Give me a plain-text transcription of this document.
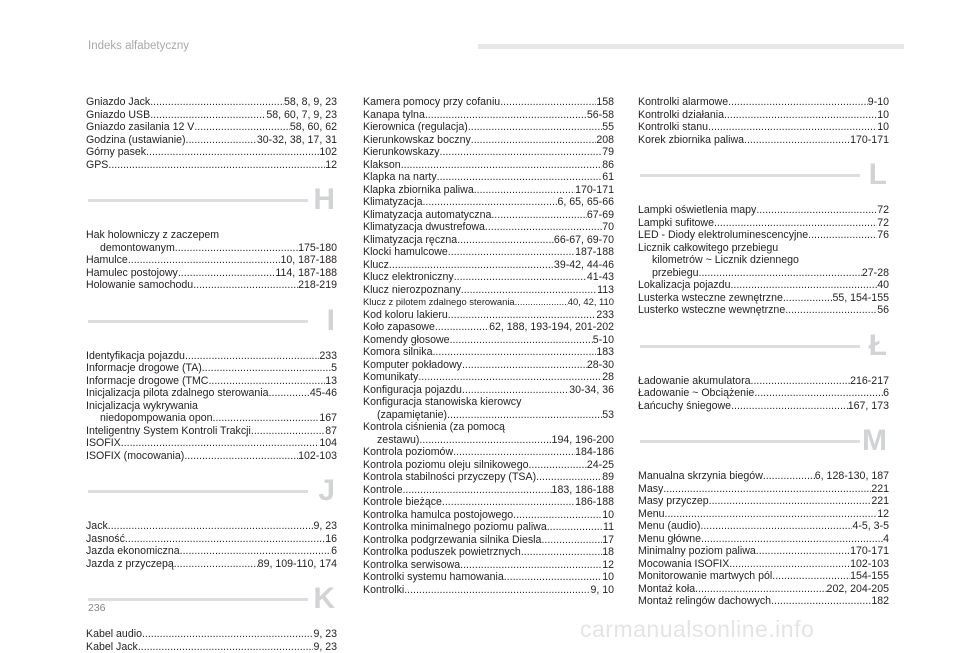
Indeks alfabetyczny
Gniazdo Jack .....	58, 8, 9, 23
Gniazdo USB .....	58, 60, 7, 9, 23
Gniazdo zasilania 12 V .....	58, 60, 62
Godzina (ustawianie) .....	30-32, 38, 17, 31
Górny pasek .....	102
GPS .....	12
H
Hak holowniczy z zaczepem
demontowanym .....	175-180
Hamulce .....	10, 187-188
Hamulec postojowy .....	114, 187-188
Holowanie samochodu .....	218-219
I
Identyfikacja pojazdu .....	233
Informacje drogowe (TA) .....	5
Informacje drogowe (TMC .....	13
Inicjalizacja pilota zdalnego sterowania .....	45-46
Inicjalizacja wykrywania
niedopompowania opon .....	167
Inteligentny System Kontroli Trakcji .....	87
ISOFIX .....	104
ISOFIX (mocowania) .....	102-103
J
Jack .....	9, 23
Jasność .....	16
Jazda ekonomiczna .....	6
Jazda z przyczepą .....	89, 109-110, 174
K
Kabel audio .....	9, 23
Kabel Jack .....	9, 23
Kamera pomocy przy cofaniu .....	158
Kanapa tylna .....	56-58
Kierownica (regulacja) .....	55
Kierunkowskaz boczny .....	208
Kierunkowskazy .....	79
Klakson .....	86
Klapka na narty .....	61
Klapka zbiornika paliwa .....	170-171
Klimatyzacja .....	6, 65, 65-66
Klimatyzacja automatyczna .....	67-69
Klimatyzacja dwustrefowa .....	70
Klimatyzacja ręczna .....	66-67, 69-70
Klocki hamulcowe .....	187-188
Klucz .....	39-42, 44-46
Klucz elektroniczny .....	41-43
Klucz nierozpoznany .....	113
Klucz z pilotem zdalnego sterowania .....	40, 42, 110
Kod koloru lakieru .....	233
Koło zapasowe .....	62, 188, 193-194, 201-202
Komendy głosowe .....	5-10
Komora silnika .....	183
Komputer pokładowy .....	28-30
Komunikaty .....	28
Konfiguracja pojazdu .....	30-34, 36
Konfiguracja stanowiska kierowcy
(zapamiętanie) .....	53
Kontrola ciśnienia (za pomocą
zestawu) .....	194, 196-200
Kontrola poziomów .....	184-186
Kontrola poziomu oleju silnikowego .....	24-25
Kontrola stabilności przyczepy (TSA) .....	89
Kontrole .....	183, 186-188
Kontrole bieżące .....	186-188
Kontrolka hamulca postojowego .....	10
Kontrolka minimalnego poziomu paliwa .....	11
Kontrolka podgrzewania silnika Diesla .....	17
Kontrolka poduszek powietrznych .....	18
Kontrolka serwisowa .....	12
Kontrolki systemu hamowania .....	10
Kontrolki .....	9, 10
Kontrolki alarmowe .....	9-10
Kontrolki działania .....	10
Kontrolki stanu .....	10
Korek zbiornika paliwa .....	170-171
L
Lampki oświetlenia mapy .....	72
Lampki sufitowe .....	72
LED - Diody elektroluminescencyjne .....	76
Licznik całkowitego przebiegu
kilometrów ~ Licznik dziennego
przebiegu .....	27-28
Lokalizacja pojazdu .....	40
Lusterka wsteczne zewnętrzne .....	55, 154-155
Lusterko wsteczne wewnętrzne .....	56
Ł
Ładowanie akumulatora .....	216-217
Ładowanie ~ Obciążenie .....	6
Łańcuchy śniegowe .....	167, 173
M
Manualna skrzynia biegów .....	6, 128-130, 187
Masy .....	221
Masy przyczep .....	221
Menu .....	12
Menu (audio) .....	4-5, 3-5
Menu główne .....	4
Minimalny poziom paliwa .....	170-171
Mocowania ISOFIX .....	102-103
Monitorowanie martwych pól .....	154-155
Montaż koła .....	202, 204-205
Montaż relingów dachowych .....	182
236
carmanualsonline.info
